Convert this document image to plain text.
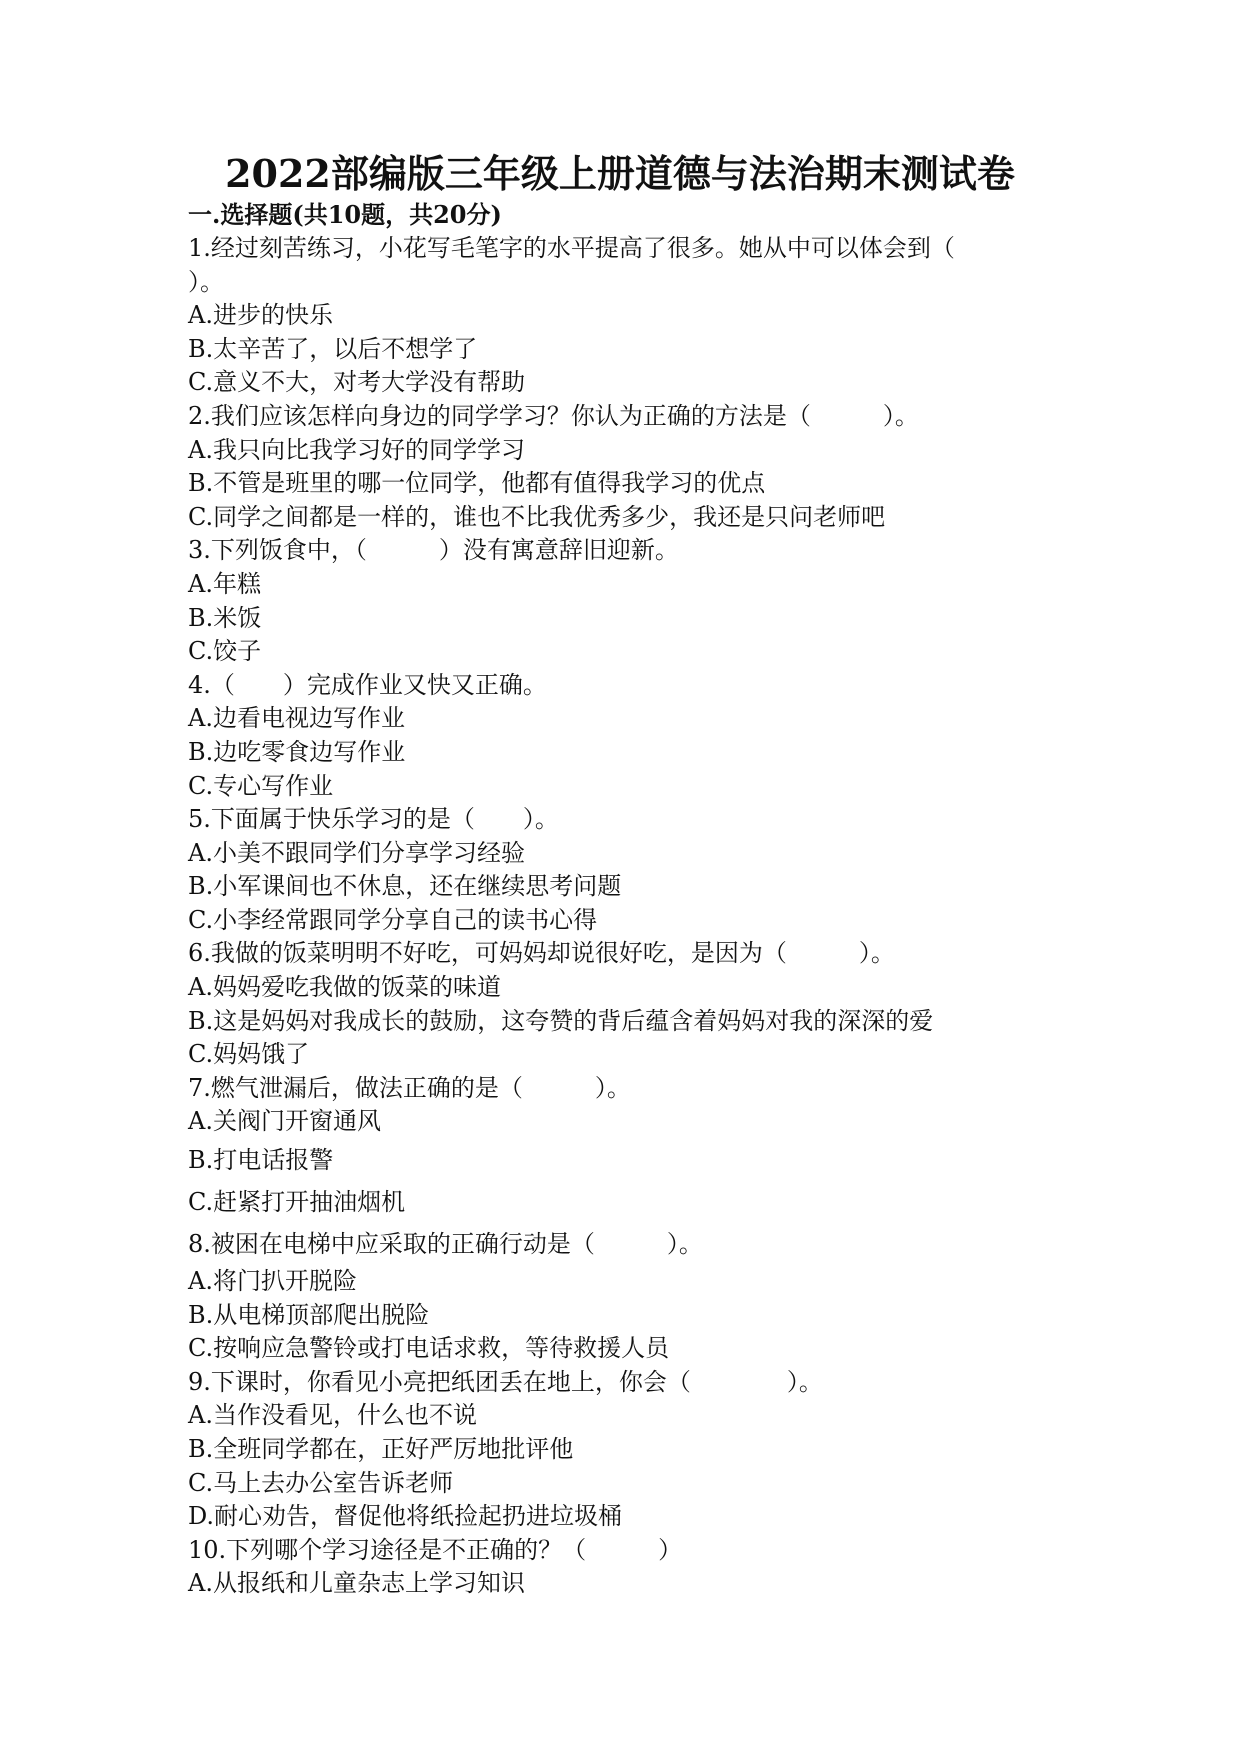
2022部编版三年级上册道德与法治期末测试卷
一.选择题(共10题，共20分)
1.经过刻苦练习，小花写毛笔字的水平提高了很多。她从中可以体会到（
）。
A.进步的快乐
B.太辛苦了，以后不想学了
C.意义不大，对考大学没有帮助
2.我们应该怎样向身边的同学学习？你认为正确的方法是（　　　）。
A.我只向比我学习好的同学学习
B.不管是班里的哪一位同学，他都有值得我学习的优点
C.同学之间都是一样的，谁也不比我优秀多少，我还是只问老师吧
3.下列饭食中，（　　　）没有寓意辞旧迎新。
A.年糕
B.米饭
C.饺子
4.（　　）完成作业又快又正确。
A.边看电视边写作业
B.边吃零食边写作业
C.专心写作业
5.下面属于快乐学习的是（　　）。
A.小美不跟同学们分享学习经验
B.小军课间也不休息，还在继续思考问题
C.小李经常跟同学分享自己的读书心得
6.我做的饭菜明明不好吃，可妈妈却说很好吃，是因为（　　　）。
A.妈妈爱吃我做的饭菜的味道
B.这是妈妈对我成长的鼓励，这夸赞的背后蕴含着妈妈对我的深深的爱
C.妈妈饿了
7.燃气泄漏后，做法正确的是（　　　）。
A.关阀门开窗通风
B.打电话报警
C.赶紧打开抽油烟机
8.被困在电梯中应采取的正确行动是（　　　）。
A.将门扒开脱险
B.从电梯顶部爬出脱险
C.按响应急警铃或打电话求救，等待救援人员
9.下课时，你看见小亮把纸团丢在地上，你会（　　　　）。
A.当作没看见，什么也不说
B.全班同学都在，正好严厉地批评他
C.马上去办公室告诉老师
D.耐心劝告，督促他将纸捡起扔进垃圾桶
10.下列哪个学习途径是不正确的？（　　　）
A.从报纸和儿童杂志上学习知识
